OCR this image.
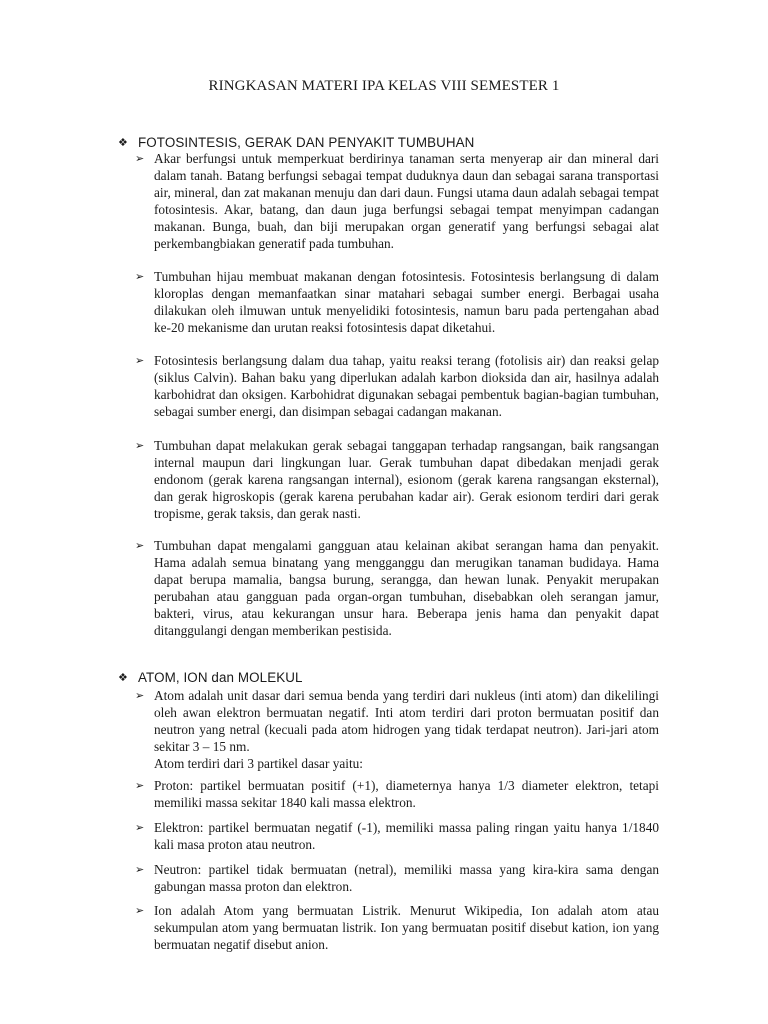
RINGKASAN MATERI IPA KELAS VIII SEMESTER 1
❖ FOTOSINTESIS, GERAK DAN PENYAKIT TUMBUHAN
➢ Akar berfungsi untuk memperkuat berdirinya tanaman serta menyerap air dan mineral dari dalam tanah. Batang berfungsi sebagai tempat duduknya daun dan sebagai sarana transportasi air, mineral, dan zat makanan menuju dan dari daun. Fungsi utama daun adalah sebagai tempat fotosintesis. Akar, batang, dan daun juga berfungsi sebagai tempat menyimpan cadangan makanan. Bunga, buah, dan biji merupakan organ generatif yang berfungsi sebagai alat perkembangbiakan generatif pada tumbuhan.
➢ Tumbuhan hijau membuat makanan dengan fotosintesis. Fotosintesis berlangsung di dalam kloroplas dengan memanfaatkan sinar matahari sebagai sumber energi. Berbagai usaha dilakukan oleh ilmuwan untuk menyelidiki fotosintesis, namun baru pada pertengahan abad ke-20 mekanisme dan urutan reaksi fotosintesis dapat diketahui.
➢ Fotosintesis berlangsung dalam dua tahap, yaitu reaksi terang (fotolisis air) dan reaksi gelap (siklus Calvin). Bahan baku yang diperlukan adalah karbon dioksida dan air, hasilnya adalah karbohidrat dan oksigen. Karbohidrat digunakan sebagai pembentuk bagian-bagian tumbuhan, sebagai sumber energi, dan disimpan sebagai cadangan makanan.
➢ Tumbuhan dapat melakukan gerak sebagai tanggapan terhadap rangsangan, baik rangsangan internal maupun dari lingkungan luar. Gerak tumbuhan dapat dibedakan menjadi gerak endonom (gerak karena rangsangan internal), esionom (gerak karena rangsangan eksternal), dan gerak higroskopis (gerak karena perubahan kadar air). Gerak esionom terdiri dari gerak tropisme, gerak taksis, dan gerak nasti.
➢ Tumbuhan dapat mengalami gangguan atau kelainan akibat serangan hama dan penyakit. Hama adalah semua binatang yang mengganggu dan merugikan tanaman budidaya. Hama dapat berupa mamalia, bangsa burung, serangga, dan hewan lunak. Penyakit merupakan perubahan atau gangguan pada organ-organ tumbuhan, disebabkan oleh serangan jamur, bakteri, virus, atau kekurangan unsur hara. Beberapa jenis hama dan penyakit dapat ditanggulangi dengan memberikan pestisida.
❖ ATOM, ION dan MOLEKUL
➢ Atom adalah unit dasar dari semua benda yang terdiri dari nukleus (inti atom) dan dikelilingi oleh awan elektron bermuatan negatif. Inti atom terdiri dari proton bermuatan positif dan neutron yang netral (kecuali pada atom hidrogen yang tidak terdapat neutron). Jari-jari atom sekitar 3 – 15 nm.
Atom terdiri dari 3 partikel dasar yaitu:
➢ Proton: partikel bermuatan positif (+1), diameternya hanya 1/3 diameter elektron, tetapi memiliki massa sekitar 1840 kali massa elektron.
➢ Elektron: partikel bermuatan negatif (-1), memiliki massa paling ringan yaitu hanya 1/1840 kali masa proton atau neutron.
➢ Neutron: partikel tidak bermuatan (netral), memiliki massa yang kira-kira sama dengan gabungan massa proton dan elektron.
➢ Ion adalah Atom yang bermuatan Listrik. Menurut Wikipedia, Ion adalah atom atau sekumpulan atom yang bermuatan listrik. Ion yang bermuatan positif disebut kation, ion yang bermuatan negatif disebut anion.
